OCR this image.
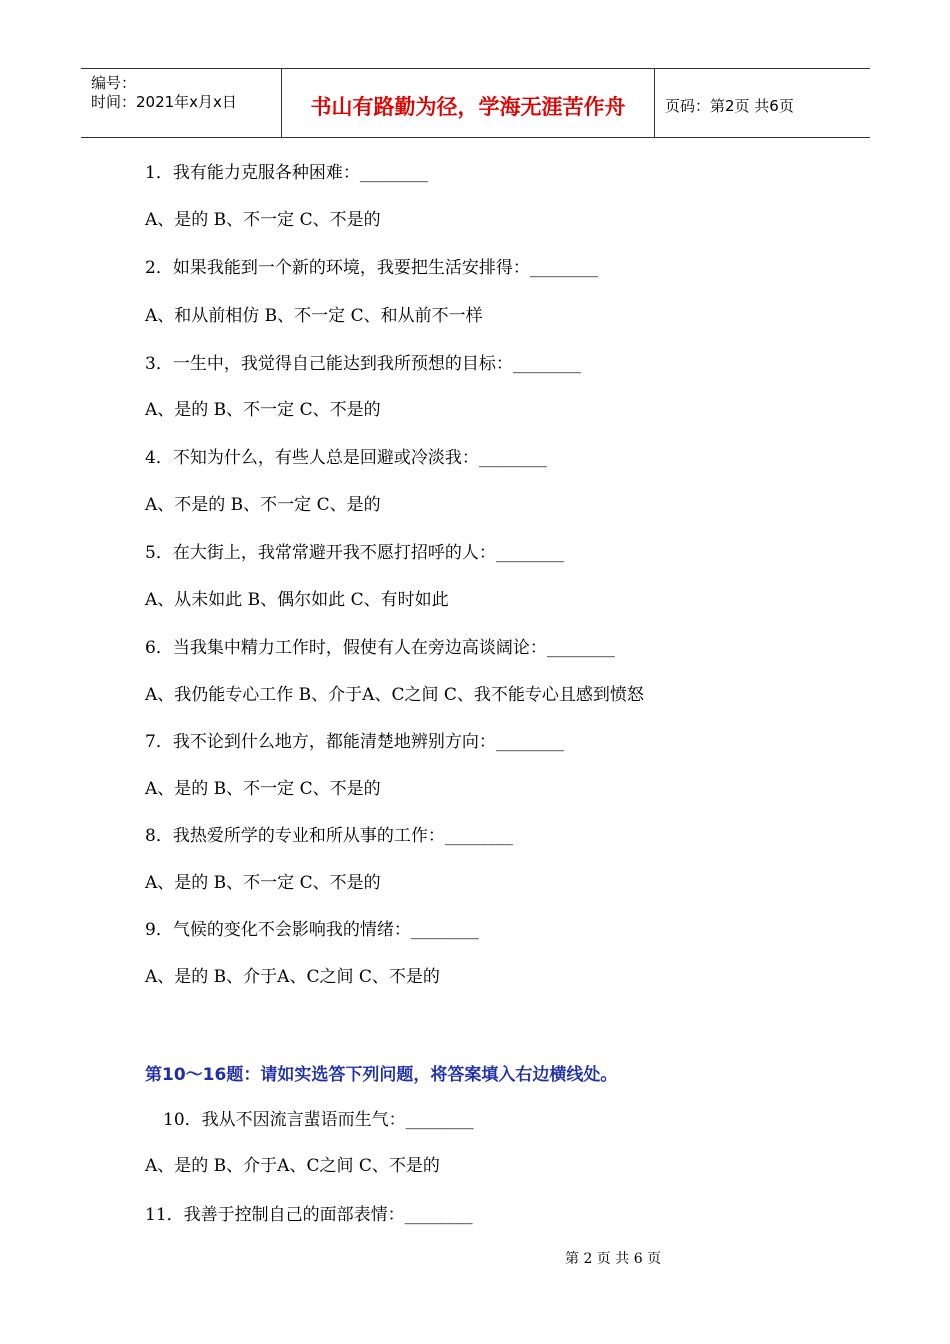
编号：
时间：2021年x月x日	书山有路勤为径，学海无涯苦作舟	页码：第2页 共6页
1．我有能力克服各种困难：________
A、是的 B、不一定 C、不是的
2．如果我能到一个新的环境，我要把生活安排得：________
A、和从前相仿 B、不一定 C、和从前不一样
3．一生中，我觉得自己能达到我所预想的目标：________
A、是的 B、不一定 C、不是的
4．不知为什么，有些人总是回避或冷淡我：________
A、不是的 B、不一定 C、是的
5．在大街上，我常常避开我不愿打招呼的人：________
A、从未如此 B、偶尔如此 C、有时如此
6．当我集中精力工作时，假使有人在旁边高谈阔论：________
A、我仍能专心工作 B、介于A、C之间 C、我不能专心且感到愤怒
7．我不论到什么地方，都能清楚地辨别方向：________
A、是的 B、不一定 C、不是的
8．我热爱所学的专业和所从事的工作：________
A、是的 B、不一定 C、不是的
9．气候的变化不会影响我的情绪：________
A、是的 B、介于A、C之间 C、不是的
第10～16题：请如实选答下列问题，将答案填入右边横线处。
10．我从不因流言蜚语而生气：________
A、是的 B、介于A、C之间 C、不是的
11．我善于控制自己的面部表情：________
第 2 页 共 6 页
